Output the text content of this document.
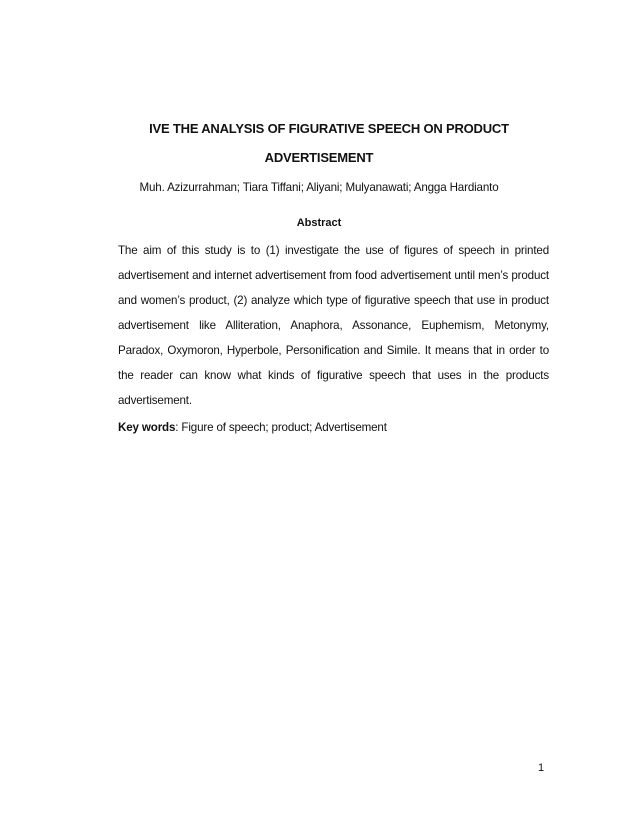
IVE THE ANALYSIS OF FIGURATIVE SPEECH ON PRODUCT
ADVERTISEMENT
Muh. Azizurrahman; Tiara Tiffani; Aliyani; Mulyanawati; Angga Hardianto
Abstract
The aim of this study is to (1) investigate the use of figures of speech in printed advertisement and internet advertisement from food advertisement until men’s product and women’s product, (2) analyze which type of figurative speech that use in product advertisement like Alliteration, Anaphora, Assonance, Euphemism, Metonymy, Paradox, Oxymoron, Hyperbole, Personification and Simile. It means that in order to the reader can know what kinds of figurative speech that uses in the products advertisement.
Key words: Figure of speech; product; Advertisement
1
